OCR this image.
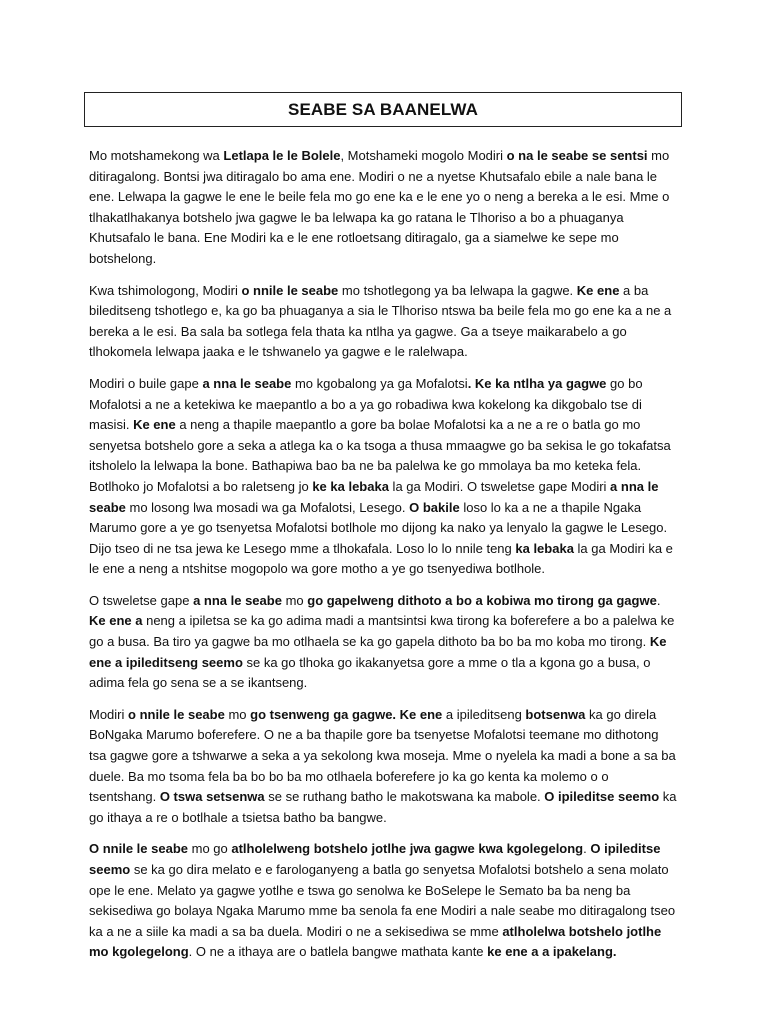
SEABE SA BAANELWA

Mo motshamekong wa Letlapa le le Bolele, Motshameki mogolo Modiri o na le seabe se sentsi mo ditiragalong. Bontsi jwa ditiragalo bo ama ene. Modiri o ne a nyetse Khutsafalo ebile a nale bana le ene. Lelwapa la gagwe le ene le beile fela mo go ene ka e le ene yo o neng a bereka a le esi. Mme o tlhakatlhakanya botshelo jwa gagwe le ba lelwapa ka go ratana le Tlhoriso a bo a phuaganya Khutsafalo le bana. Ene Modiri ka e le ene rotloetsang ditiragalo, ga a siamelwe ke sepe mo botshelong.

Kwa tshimologong, Modiri o nnile le seabe mo tshotlegong ya ba lelwapa la gagwe. Ke ene a ba bileditseng tshotlego e, ka go ba phuaganya a sia le Tlhoriso ntswa ba beile fela mo go ene ka a ne a bereka a le esi. Ba sala ba sotlega fela thata ka ntlha ya gagwe. Ga a tseye maikarabelo a go tlhokomela lelwapa jaaka e le tshwanelo ya gagwe e le ralelwapa.

Modiri o buile gape a nna le seabe mo kgobalong ya ga Mofalotsi. Ke ka ntlha ya gagwe go bo Mofalotsi a ne a ketekiwa ke maepantlo a bo a ya go robadiwa kwa kokelong ka dikgobalo tse di masisi. Ke ene a neng a thapile maepantlo a gore ba bolae Mofalotsi ka a ne a re o batla go mo senyetsa botshelo gore a seka a atlega ka o ka tsoga a thusa mmaagwe go ba sekisa le go tokafatsa itsholelo la lelwapa la bone. Bathapiwa bao ba ne ba palelwa ke go mmolaya ba mo keteka fela. Botlhoko jo Mofalotsi a bo raletseng jo ke ka lebaka la ga Modiri. O tsweletse gape Modiri a nna le seabe mo losong lwa mosadi wa ga Mofalotsi, Lesego. O bakile loso lo ka a ne a thapile Ngaka Marumo gore a ye go tsenyetsa Mofalotsi botlhole mo dijong ka nako ya lenyalo la gagwe le Lesego. Dijo tseo di ne tsa jewa ke Lesego mme a tlhokafala. Loso lo lo nnile teng ka lebaka la ga Modiri ka e le ene a neng a ntshitse mogopolo wa gore motho a ye go tsenyediwa botlhole.

O tsweletse gape a nna le seabe mo go gapelweng dithoto a bo a kobiwa mo tirong ga gagwe. Ke ene a neng a ipiletsa se ka go adima madi a mantsintsi kwa tirong ka boferefere a bo a palelwa ke go a busa. Ba tiro ya gagwe ba mo otlhaela se ka go gapela dithoto ba bo ba mo koba mo tirong. Ke ene a ipileditseng seemo se ka go tlhoka go ikakanyetsa gore a mme o tla a kgona go a busa, o adima fela go sena se a se ikantseng.

Modiri o nnile le seabe mo go tsenweng ga gagwe. Ke ene a ipileditseng botsenwa ka go direla BoNgaka Marumo boferefere. O ne a ba thapile gore ba tsenyetse Mofalotsi teemane mo dithotong tsa gagwe gore a tshwarwe a seka a ya sekolong kwa moseja. Mme o nyelela ka madi a bone a sa ba duele. Ba mo tsoma fela ba bo bo ba mo otlhaela boferefere jo ka go kenta ka molemo o o tsentshang. O tswa setsenwa se se ruthang batho le makotswana ka mabole. O ipileditse seemo ka go ithaya a re o botlhale a tsietsa batho ba bangwe.

O nnile le seabe mo go atlholelweng botshelo jotlhe jwa gagwe kwa kgolegelong. O ipileditse seemo se ka go dira melato e e farologanyeng a batla go senyetsa Mofalotsi botshelo a sena molato ope le ene. Melato ya gagwe yotlhe e tswa go senolwa ke BoSelepe le Semato ba ba neng ba sekisediwa go bolaya Ngaka Marumo mme ba senola fa ene Modiri a nale seabe mo ditiragalong tseo ka a ne a siile ka madi a sa ba duela. Modiri o ne a sekisediwa se mme atlholelwa botshelo jotlhe mo kgolegelong. O ne a ithaya are o batlela bangwe mathata kante ke ene a a ipakelang.
